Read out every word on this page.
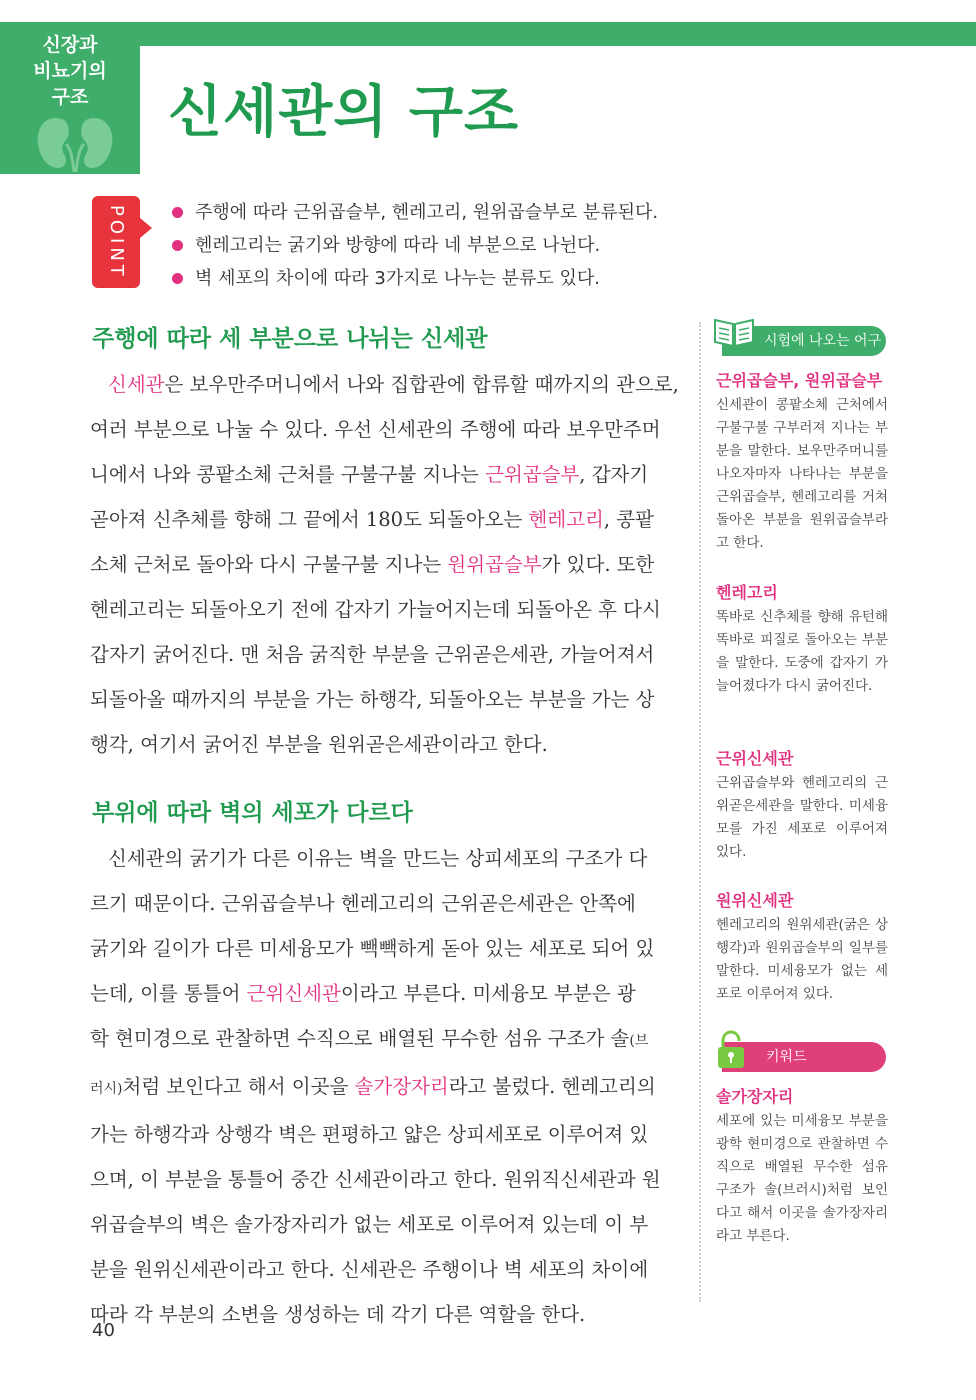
신장과
비뇨기의
구조	신세관의 구조
POINT	주행에 따라 근위곱슬부, 헨레고리, 원위곱슬부로 분류된다.
헨레고리는 굵기와 방향에 따라 네 부분으로 나뉜다.
벽 세포의 차이에 따라 3가지로 나누는 분류도 있다.
주행에 따라 세 부분으로 나뉘는 신세관
신세관은 보우만주머니에서 나와 집합관에 합류할 때까지의 관으로,
여러 부분으로 나눌 수 있다. 우선 신세관의 주행에 따라 보우만주머
니에서 나와 콩팥소체 근처를 구불구불 지나는 근위곱슬부, 갑자기
곧아져 신추체를 향해 그 끝에서 180도 되돌아오는 헨레고리, 콩팥
소체 근처로 돌아와 다시 구불구불 지나는 원위곱슬부가 있다. 또한
헨레고리는 되돌아오기 전에 갑자기 가늘어지는데 되돌아온 후 다시
갑자기 굵어진다. 맨 처음 굵직한 부분을 근위곧은세관, 가늘어져서
되돌아올 때까지의 부분을 가는 하행각, 되돌아오는 부분을 가는 상
행각, 여기서 굵어진 부분을 원위곧은세관이라고 한다.
부위에 따라 벽의 세포가 다르다
신세관의 굵기가 다른 이유는 벽을 만드는 상피세포의 구조가 다
르기 때문이다. 근위곱슬부나 헨레고리의 근위곧은세관은 안쪽에
굵기와 길이가 다른 미세융모가 빽빽하게 돋아 있는 세포로 되어 있
는데, 이를 통틀어 근위신세관이라고 부른다. 미세융모 부분은 광
학 현미경으로 관찰하면 수직으로 배열된 무수한 섬유 구조가 솔(브
러시)처럼 보인다고 해서 이곳을 솔가장자리라고 불렀다. 헨레고리의
가는 하행각과 상행각 벽은 편평하고 얇은 상피세포로 이루어져 있
으며, 이 부분을 통틀어 중간 신세관이라고 한다. 원위직신세관과 원
위곱슬부의 벽은 솔가장자리가 없는 세포로 이루어져 있는데 이 부
분을 원위신세관이라고 한다. 신세관은 주행이나 벽 세포의 차이에
따라 각 부분의 소변을 생성하는 데 각기 다른 역할을 한다.
시험에 나오는 어구
근위곱슬부, 원위곱슬부
신세관이 콩팥소체 근처에서 구불구불 구부러져 지나는 부분을 말한다. 보우만주머니를 나오자마자 나타나는 부분을 근위곱슬부, 헨레고리를 거쳐 돌아온 부분을 원위곱슬부라고 한다.
헨레고리
똑바로 신추체를 향해 유턴해 똑바로 피질로 돌아오는 부분을 말한다. 도중에 갑자기 가늘어졌다가 다시 굵어진다.
근위신세관
근위곱슬부와 헨레고리의 근위곧은세관을 말한다. 미세융모를 가진 세포로 이루어져 있다.
원위신세관
헨레고리의 원위세관(굵은 상행각)과 원위곱슬부의 일부를 말한다. 미세융모가 없는 세포로 이루어져 있다.
키워드
솔가장자리
세포에 있는 미세융모 부분을 광학 현미경으로 관찰하면 수직으로 배열된 무수한 섬유 구조가 솔(브러시)처럼 보인다고 해서 이곳을 솔가장자리라고 부른다.
40
